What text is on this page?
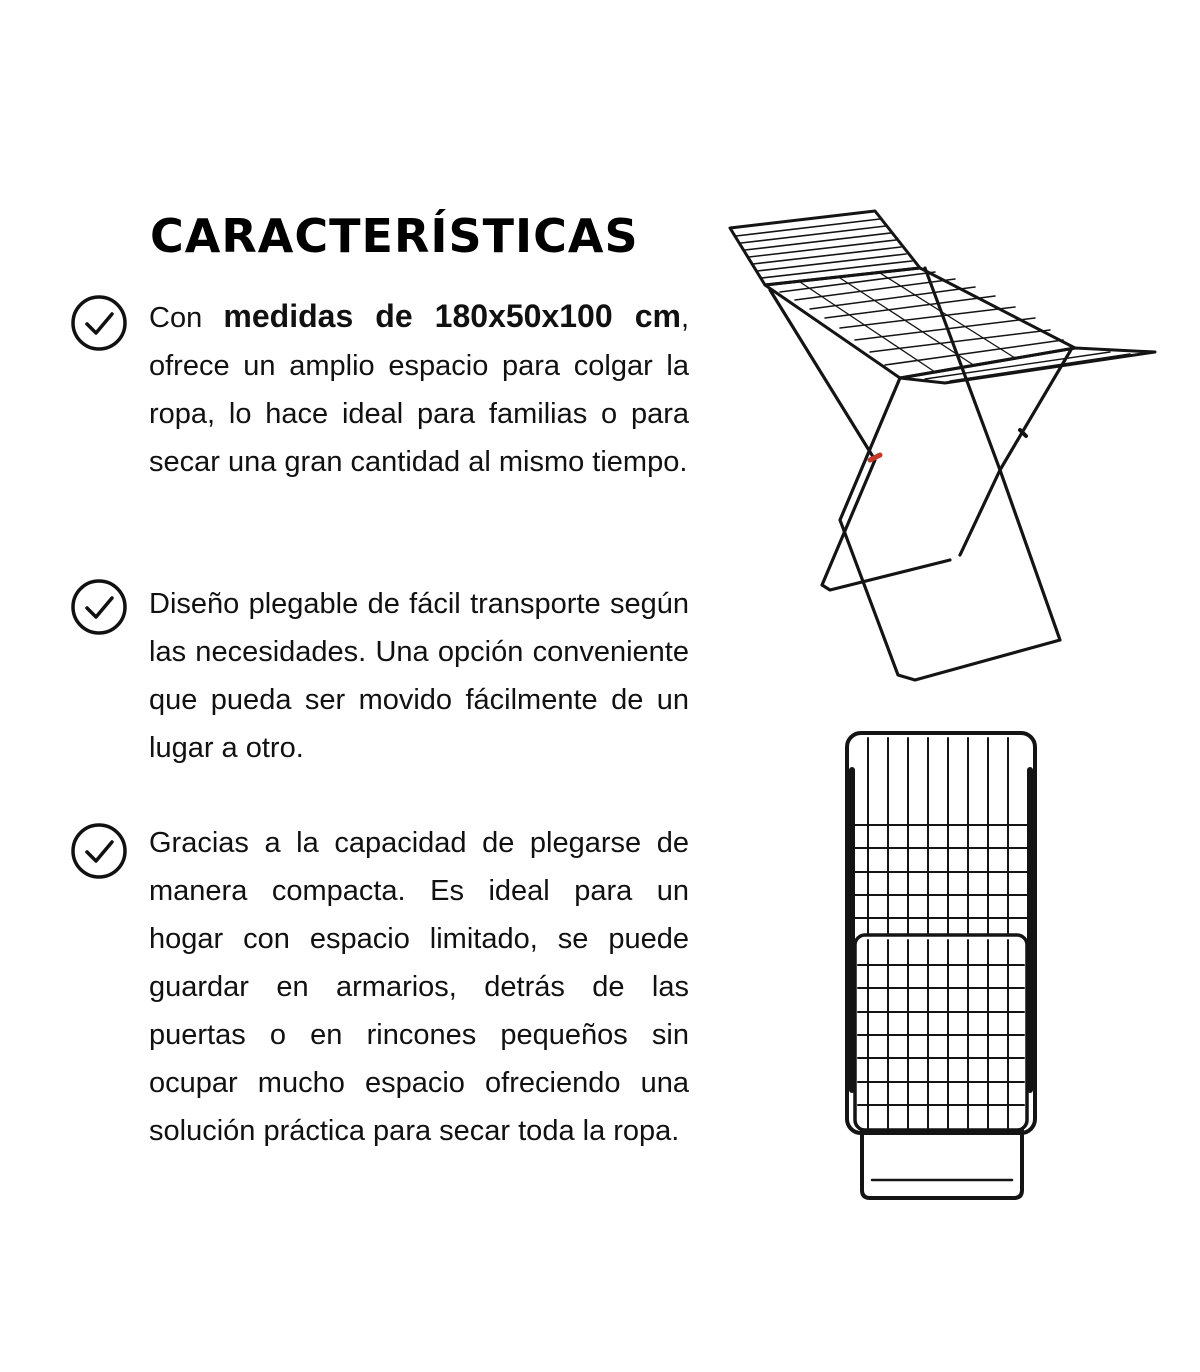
CARACTERÍSTICAS
Con medidas de 180x50x100 cm, ofrece un amplio espacio para colgar la ropa, lo hace ideal para familias o para secar una gran cantidad al mismo tiempo.
Diseño plegable de fácil transporte según las necesidades. Una opción conveniente que pueda ser movido fácilmente de un lugar a otro.
Gracias a la capacidad de plegarse de manera compacta. Es ideal para un hogar con espacio limitado, se puede guardar en armarios, detrás de las puertas o en rincones pequeños sin ocupar mucho espacio ofreciendo una solución práctica para secar toda la ropa.
